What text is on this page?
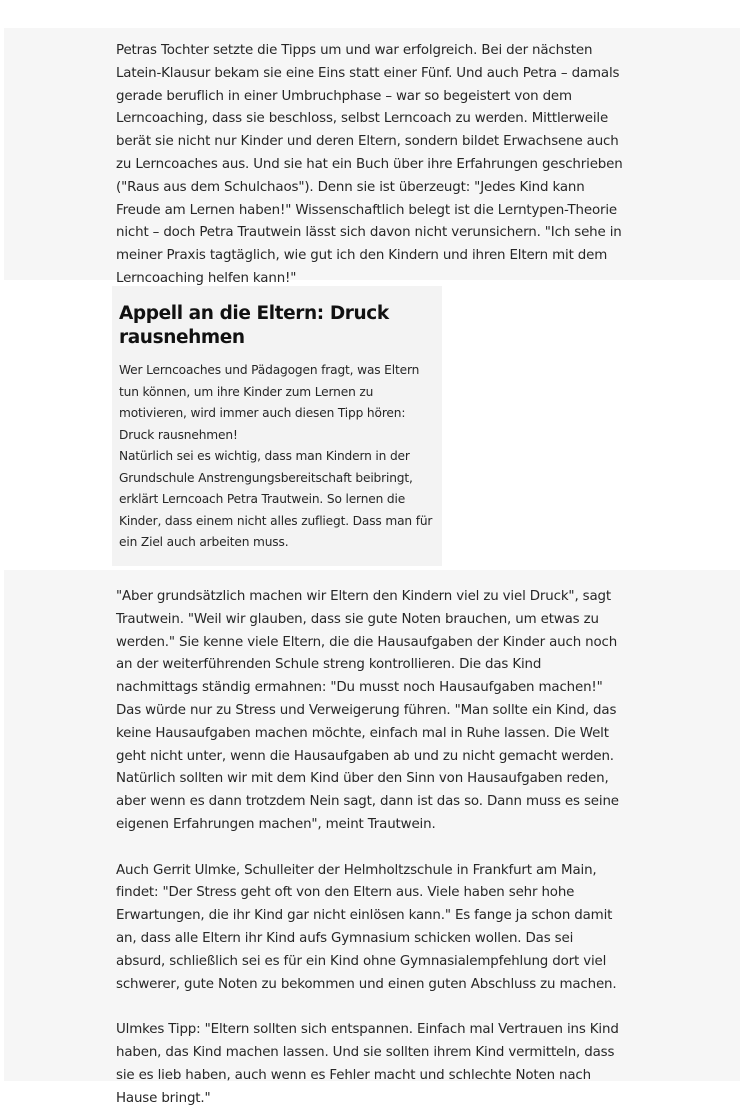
Petras Tochter setzte die Tipps um und war erfolgreich. Bei der nächsten Latein-Klausur bekam sie eine Eins statt einer Fünf. Und auch Petra – damals gerade beruflich in einer Umbruchphase – war so begeistert von dem Lerncoaching, dass sie beschloss, selbst Lerncoach zu werden. Mittlerweile berät sie nicht nur Kinder und deren Eltern, sondern bildet Erwachsene auch zu Lerncoaches aus. Und sie hat ein Buch über ihre Erfahrungen geschrieben ("Raus aus dem Schulchaos"). Denn sie ist überzeugt: "Jedes Kind kann Freude am Lernen haben!" Wissenschaftlich belegt ist die Lerntypen-Theorie nicht – doch Petra Trautwein lässt sich davon nicht verunsichern. "Ich sehe in meiner Praxis tagtäglich, wie gut ich den Kindern und ihren Eltern mit dem Lerncoaching helfen kann!"

Appell an die Eltern: Druck rausnehmen

Wer Lerncoaches und Pädagogen fragt, was Eltern tun können, um ihre Kinder zum Lernen zu motivieren, wird immer auch diesen Tipp hören: Druck rausnehmen!

Natürlich sei es wichtig, dass man Kindern in der Grundschule Anstrengungsbereitschaft beibringt, erklärt Lerncoach Petra Trautwein. So lernen die Kinder, dass einem nicht alles zufliegt. Dass man für ein Ziel auch arbeiten muss.

"Aber grundsätzlich machen wir Eltern den Kindern viel zu viel Druck", sagt Trautwein. "Weil wir glauben, dass sie gute Noten brauchen, um etwas zu werden." Sie kenne viele Eltern, die die Hausaufgaben der Kinder auch noch an der weiterführenden Schule streng kontrollieren. Die das Kind nachmittags ständig ermahnen: "Du musst noch Hausaufgaben machen!" Das würde nur zu Stress und Verweigerung führen. "Man sollte ein Kind, das keine Hausaufgaben machen möchte, einfach mal in Ruhe lassen. Die Welt geht nicht unter, wenn die Hausaufgaben ab und zu nicht gemacht werden. Natürlich sollten wir mit dem Kind über den Sinn von Hausaufgaben reden, aber wenn es dann trotzdem Nein sagt, dann ist das so. Dann muss es seine eigenen Erfahrungen machen", meint Trautwein.

Auch Gerrit Ulmke, Schulleiter der Helmholtzschule in Frankfurt am Main, findet: "Der Stress geht oft von den Eltern aus. Viele haben sehr hohe Erwartungen, die ihr Kind gar nicht einlösen kann." Es fange ja schon damit an, dass alle Eltern ihr Kind aufs Gymnasium schicken wollen. Das sei absurd, schließlich sei es für ein Kind ohne Gymnasialempfehlung dort viel schwerer, gute Noten zu bekommen und einen guten Abschluss zu machen.

Ulmkes Tipp: "Eltern sollten sich entspannen. Einfach mal Vertrauen ins Kind haben, das Kind machen lassen. Und sie sollten ihrem Kind vermitteln, dass sie es lieb haben, auch wenn es Fehler macht und schlechte Noten nach Hause bringt."
